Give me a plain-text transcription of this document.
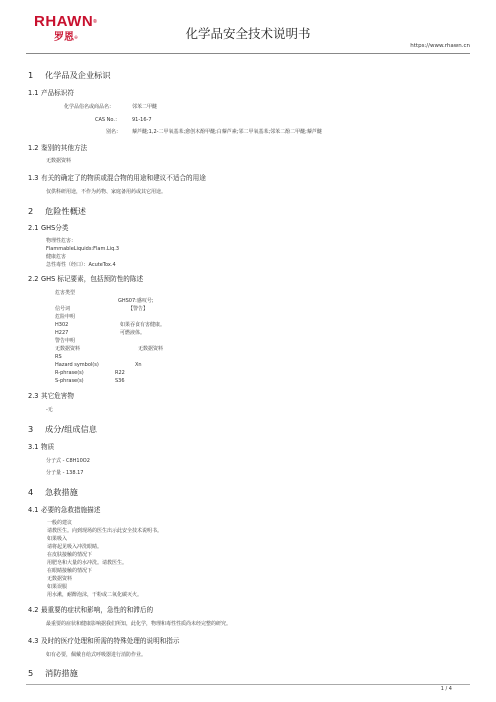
RHAWN®
罗恩®	化学品安全技术说明书
https://www.rhawn.cn
1 化学品及企业标识
1.1 产品标识符
化学品俗名或商品名：	邻苯二甲醚
CAS No.： 91-16-7
别名： 藜芦醚;1,2-二甲氧基苯;愈创木酚甲醚;白藜芦素;邻二甲氧基苯;邻苯二酚二甲醚;藜芦醚
1.2 鉴别的其他方法
无数据资料
1.3 有关的确定了的物质或混合物的用途和建议不适合的用途
仅供科研用途，不作为药物、家庭备用药或其它用途。
2 危险性概述
2.1 GHS分类
物理性危害：
FlammableLiquids:Flam.Liq.3
健康危害
急性毒性（经口）：AcuteTox.4
2.2 GHS 标记要素，包括预防性的陈述
危害类型
GHS07:感叹号;
信号词	【警告】
危险申明
H302	如果吞食有害健康。
H227	可燃液体。
警告申明
无数据资料	无数据资料
RS
Hazard symbol(s)	Xn
R-phrase(s)	R22
S-phrase(s)	S36
2.3 其它危害物
-无
3 成分/组成信息
3.1 物质
分子式 - C8H10O2
分子量 - 138.17
4 急救措施
4.1 必要的急救措施描述
一般的建议
请教医生。向到现场的医生出示此安全技术说明书。
如果吸入
请将起见吸入冲洗眼睛。
在皮肤接触的情况下
用肥皂和大量的水冲洗。请教医生。
在眼睛接触的情况下
无数据资料
如果误服
用水漱，耐醉泡沫，干粉或二氧化碳灭火。
4.2 最重要的症状和影响，急性的和滞后的
最重要的症状和健康影响据我们所知，此化学，物理和毒性性质尚未经完整的研究。
4.3 及时的医疗处理和所需的特殊处理的说明和指示
如有必要，佩戴自给式呼吸器进行消防作业。
5 消防措施
1 / 4
